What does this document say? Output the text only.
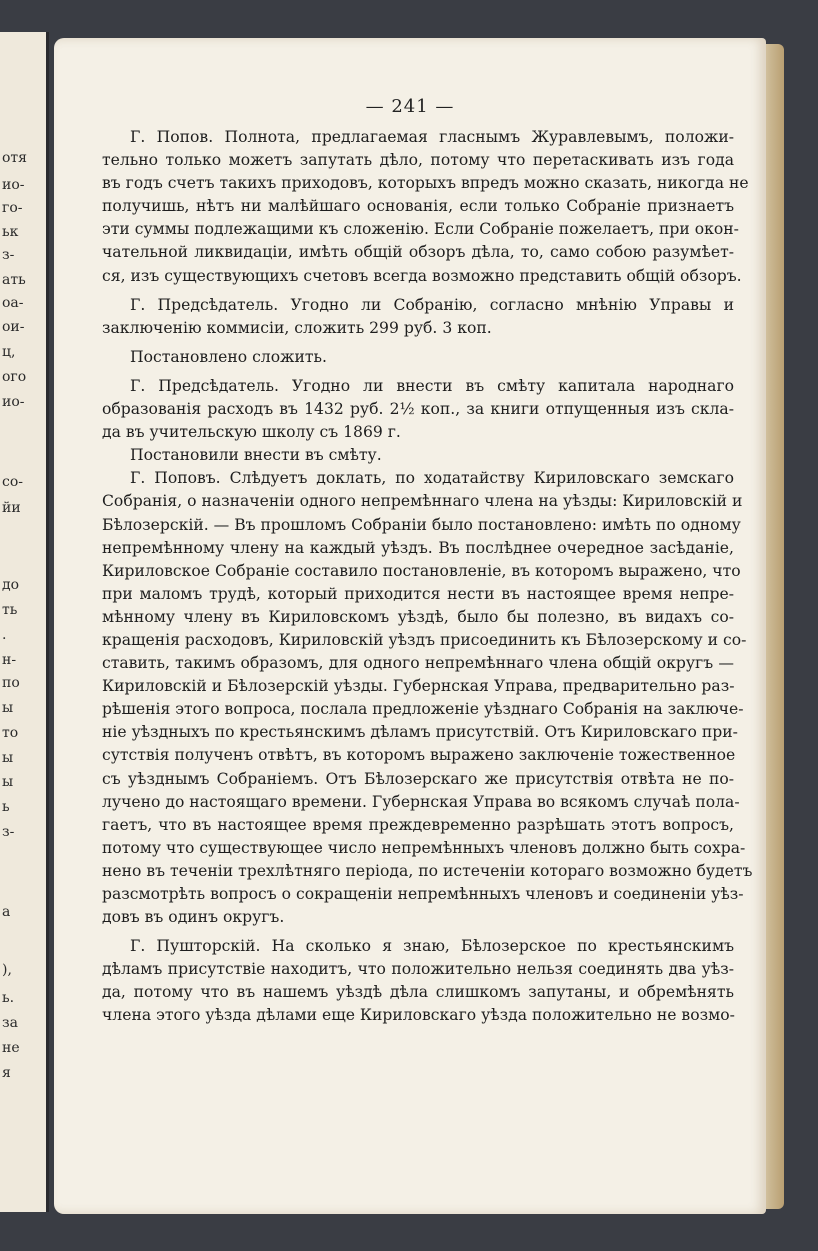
отя
ио-
го-
ьк
з-
ать
оа-
ои-
ц,
ого
ио-
со-
йи
до
ть
.
н-
по
ы
то
ы
ы
ь
з-
а
),
ь.
за
не
я
— 241 —
Г. Попов. Полнота, предлагаемая гласнымъ Журавлевымъ, положи-
тельно только можетъ запутать дѣло, потому что перетаскивать изъ года
въ годъ счетъ такихъ приходовъ, которыхъ впредъ можно сказать, никогда не
получишь, нѣтъ ни малѣйшаго основанія, если только Собраніе признаетъ
эти суммы подлежащими къ сложенію. Если Собраніе пожелаетъ, при окон-
чательной ликвидаціи, имѣть общій обзоръ дѣла, то, само собою разумѣет-
ся, изъ существующихъ счетовъ всегда возможно представить общій обзоръ.
Г. Предсѣдатель. Угодно ли Собранію, согласно мнѣнію Управы и
заключенію коммисіи, сложить 299 руб. 3 коп.
Постановлено сложить.
Г. Предсѣдатель. Угодно ли внести въ смѣту капитала народнаго
образованія расходъ въ 1432 руб. 2½ коп., за книги отпущенныя изъ скла-
да въ учительскую школу съ 1869 г.
Постановили внести въ смѣту.
Г. Поповъ. Слѣдуетъ доклать, по ходатайству Кириловскаго земскаго
Собранія, о назначеніи одного непремѣннаго члена на уѣзды: Кириловскій и
Бѣлозерскій. — Въ прошломъ Собраніи было постановлено: имѣть по одному
непремѣнному члену на каждый уѣздъ. Въ послѣднее очередное засѣданіе,
Кириловское Собраніе составило постановленіе, въ которомъ выражено, что
при маломъ трудѣ, который приходится нести въ настоящее время непре-
мѣнному члену въ Кириловскомъ уѣздѣ, было бы полезно, въ видахъ со-
кращенія расходовъ, Кириловскій уѣздъ присоединить къ Бѣлозерскому и со-
ставить, такимъ образомъ, для одного непремѣннаго члена общій округъ —
Кириловскій и Бѣлозерскій уѣзды. Губернская Управа, предварительно раз-
рѣшенія этого вопроса, послала предложеніе уѣзднаго Собранія на заключе-
ніе уѣздныхъ по крестьянскимъ дѣламъ присутствій. Отъ Кириловскаго при-
сутствія полученъ отвѣтъ, въ которомъ выражено заключеніе тожественное
съ уѣзднымъ Собраніемъ. Отъ Бѣлозерскаго же присутствія отвѣта не по-
лучено до настоящаго времени. Губернская Управа во всякомъ случаѣ пола-
гаетъ, что въ настоящее время преждевременно разрѣшать этотъ вопросъ,
потому что существующее число непремѣнныхъ членовъ должно быть сохра-
нено въ теченіи трехлѣтняго періода, по истеченіи котораго возможно будетъ
разсмотрѣть вопросъ о сокращеніи непремѣнныхъ членовъ и соединеніи уѣз-
довъ въ одинъ округъ.
Г. Пушторскій. На сколько я знаю, Бѣлозерское по крестьянскимъ
дѣламъ присутствіе находитъ, что положительно нельзя соединять два уѣз-
да, потому что въ нашемъ уѣздѣ дѣла слишкомъ запутаны, и обремѣнять
члена этого уѣзда дѣлами еще Кириловскаго уѣзда положительно не возмо-
